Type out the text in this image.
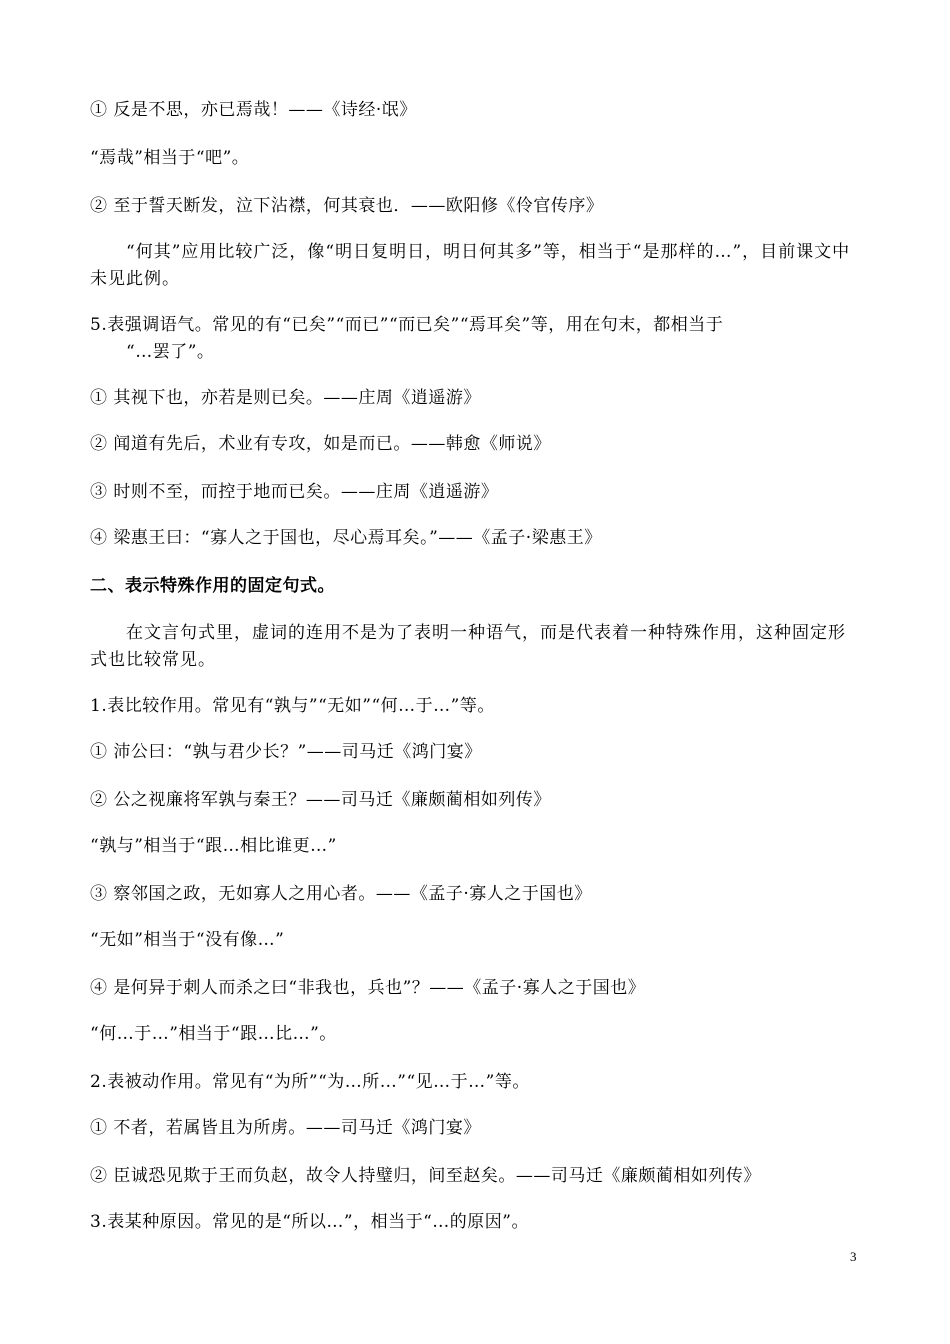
① 反是不思，亦已焉哉！——《诗经·氓》
“焉哉”相当于“吧”。
② 至于誓天断发，泣下沾襟，何其衰也．——欧阳修《伶官传序》
“何其”应用比较广泛，像“明日复明日，明日何其多”等，相当于“是那样的…”，目前课文中未见此例。
5.表强调语气。常见的有“已矣”“而已”“而已矣”“焉耳矣”等，用在句末，都相当于
“…罢了”。
① 其视下也，亦若是则已矣。——庄周《逍遥游》
② 闻道有先后，术业有专攻，如是而已。——韩愈《师说》
③ 时则不至，而控于地而已矣。——庄周《逍遥游》
④ 梁惠王曰：“寡人之于国也，尽心焉耳矣。”——《孟子·梁惠王》
二、表示特殊作用的固定句式。
在文言句式里，虚词的连用不是为了表明一种语气，而是代表着一种特殊作用，这种固定形式也比较常见。
1.表比较作用。常见有“孰与”“无如”“何…于…”等。
① 沛公曰：“孰与君少长？”——司马迁《鸿门宴》
② 公之视廉将军孰与秦王？——司马迁《廉颇蔺相如列传》
“孰与”相当于“跟…相比谁更…”
③ 察邻国之政，无如寡人之用心者。——《孟子·寡人之于国也》
“无如”相当于“没有像…”
④ 是何异于刺人而杀之曰“非我也，兵也”？——《孟子·寡人之于国也》
“何…于…”相当于“跟…比…”。
2.表被动作用。常见有“为所”“为…所…”“见…于…”等。
① 不者，若属皆且为所虏。——司马迁《鸿门宴》
② 臣诚恐见欺于王而负赵，故令人持璧归，间至赵矣。——司马迁《廉颇蔺相如列传》
3.表某种原因。常见的是“所以…”，相当于“…的原因”。
3
